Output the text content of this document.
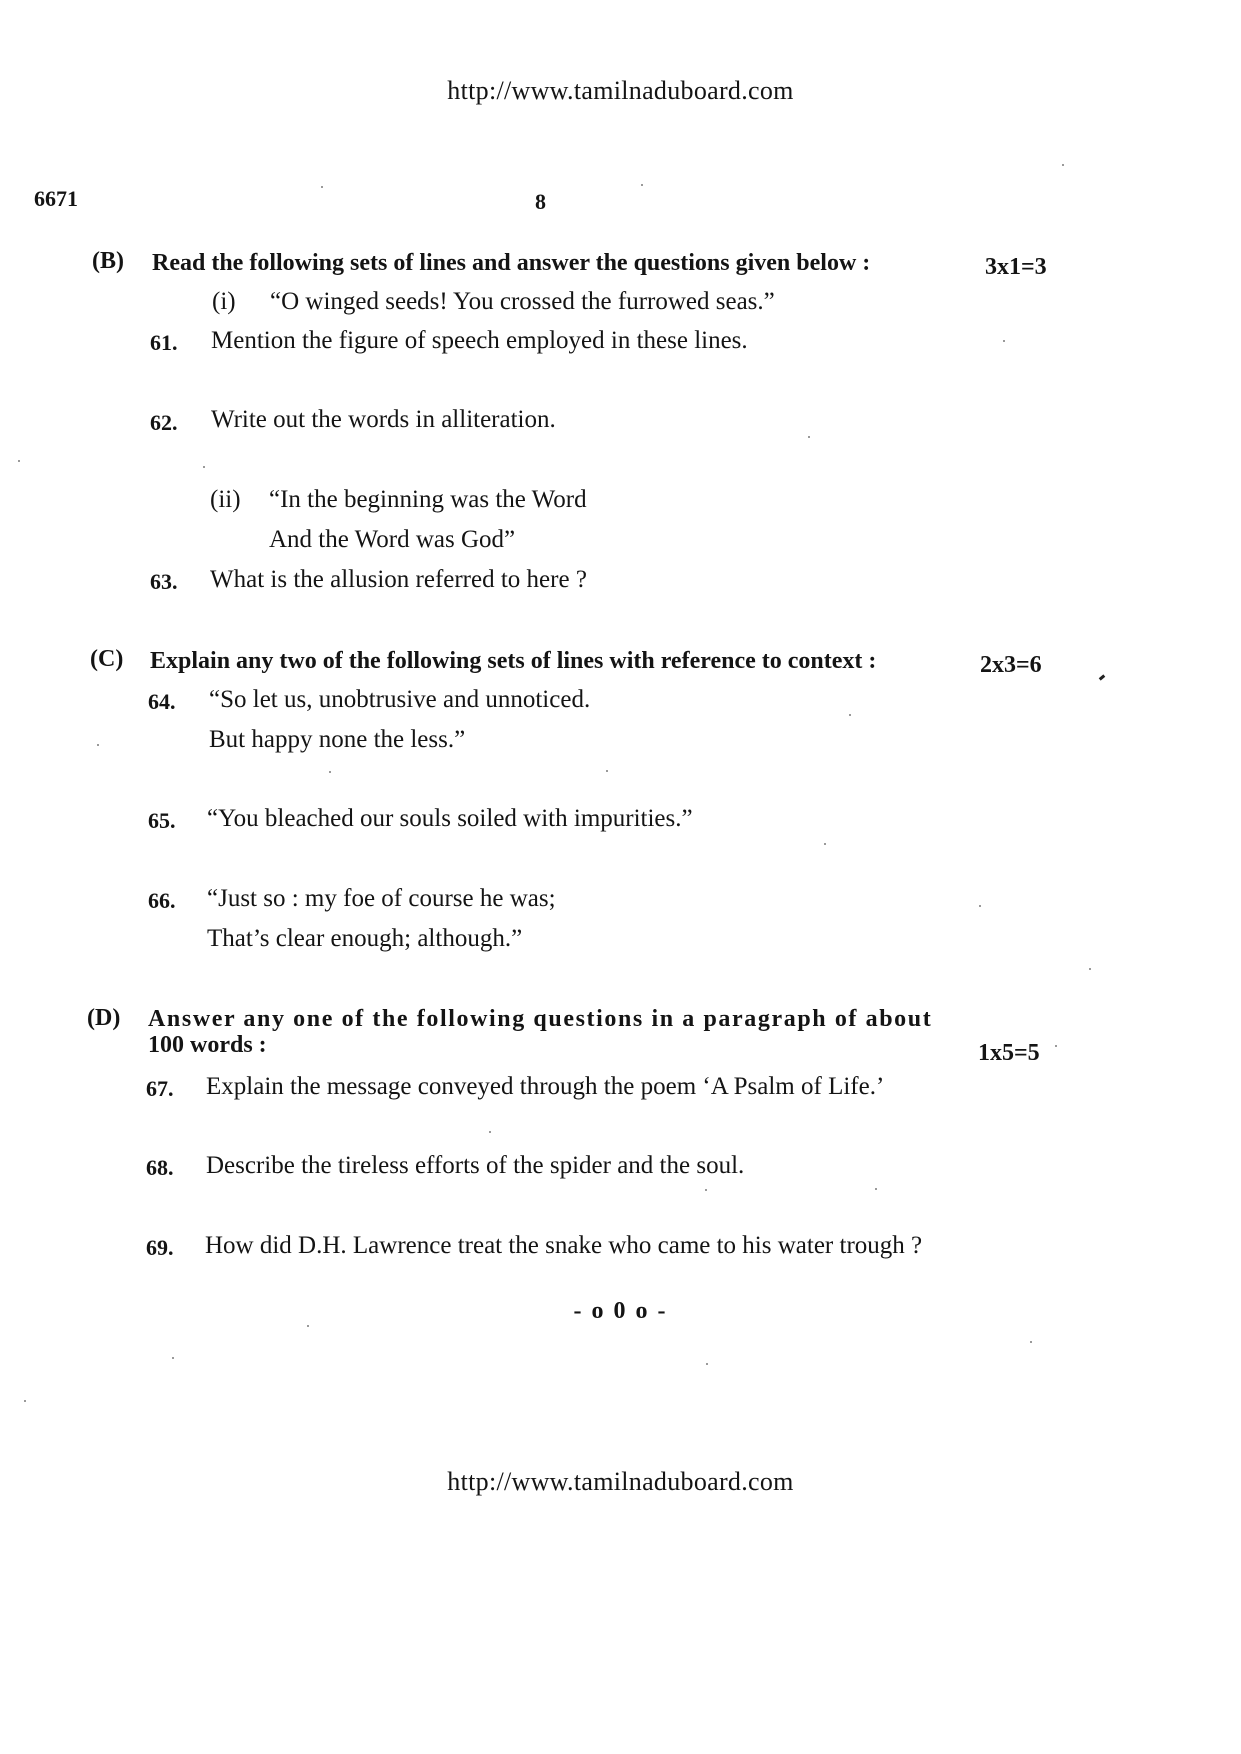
http://www.tamilnaduboard.com
6671	8
(B) Read the following sets of lines and answer the questions given below :	3x1=3
(i) “O winged seeds! You crossed the furrowed seas.”
61. Mention the figure of speech employed in these lines.
62. Write out the words in alliteration.
(ii) “In the beginning was the Word
And the Word was God”
63. What is the allusion referred to here ?
(C) Explain any two of the following sets of lines with reference to context :	2x3=6
64. “So let us, unobtrusive and unnoticed.
But happy none the less.”
65. “You bleached our souls soiled with impurities.”
66. “Just so : my foe of course he was;
That’s clear enough; although.”
(D) Answer any one of the following questions in a paragraph of about
100 words :	1x5=5
67. Explain the message conveyed through the poem ‘A Psalm of Life.’
68. Describe the tireless efforts of the spider and the soul.
69. How did D.H. Lawrence treat the snake who came to his water trough ?
- o 0 o -
http://www.tamilnaduboard.com
